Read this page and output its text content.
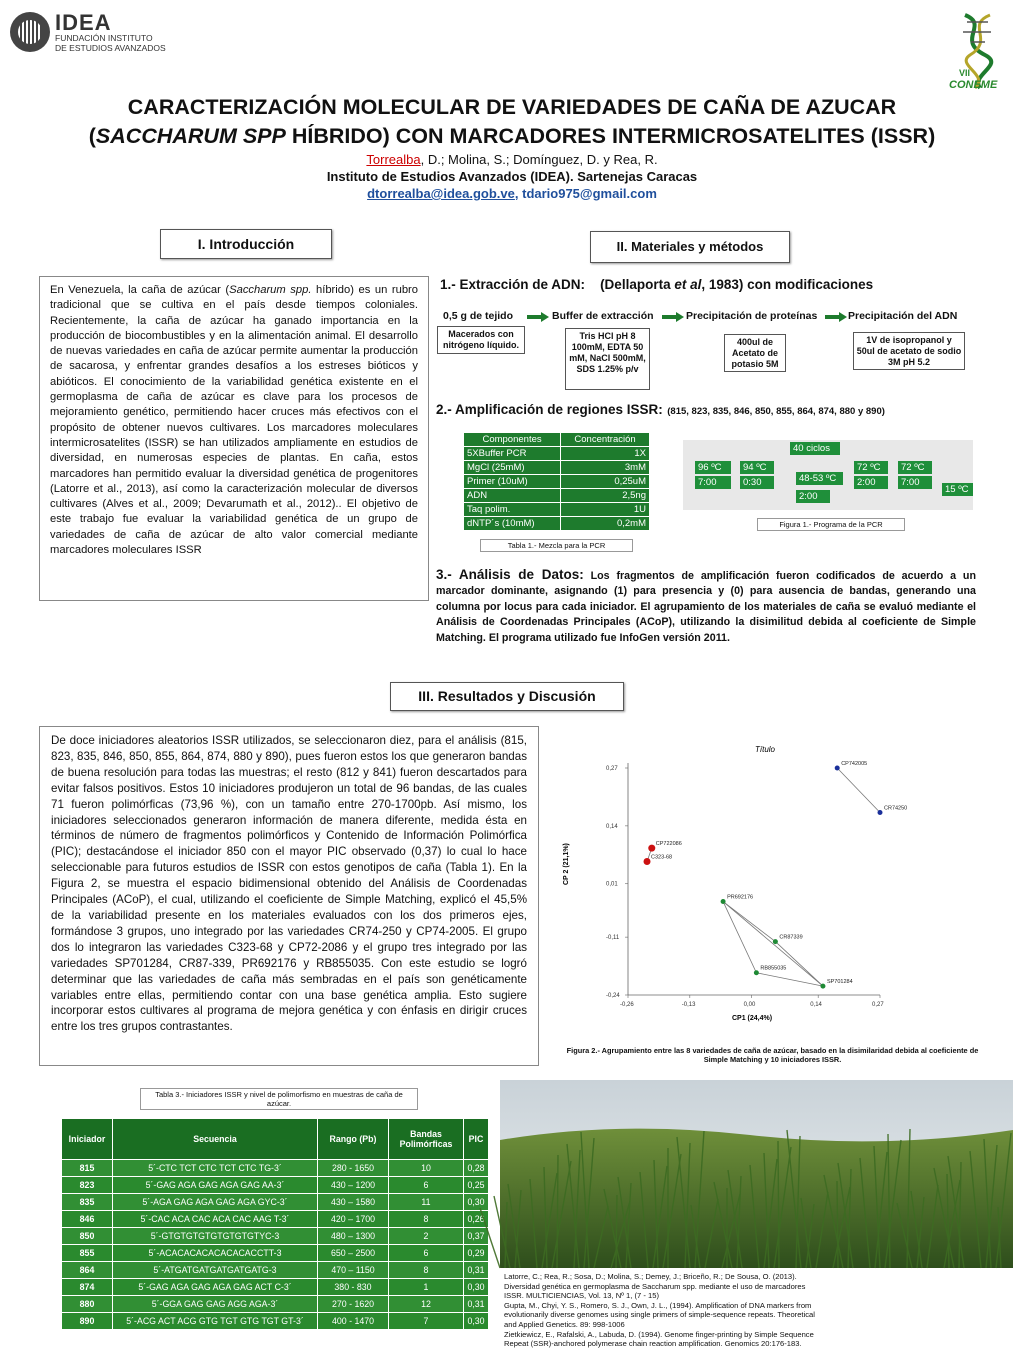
IDEA
FUNDACIÓN INSTITUTO
DE ESTUDIOS AVANZADOS
VII
CONEME
CARACTERIZACIÓN MOLECULAR DE VARIEDADES DE CAÑA DE AZUCAR
(SACCHARUM SPP HÍBRIDO) CON MARCADORES INTERMICROSATELITES (ISSR)
Torrealba, D.; Molina, S.; Domínguez, D. y Rea, R.
Instituto de Estudios Avanzados (IDEA). Sartenejas Caracas
dtorrealba@idea.gob.ve, tdario975@gmail.com
I. Introducción	II. Materiales y métodos
En Venezuela, la caña de azúcar (Saccharum spp. híbrido) es un rubro tradicional que se cultiva en el país desde tiempos coloniales. Recientemente, la caña de azúcar ha ganado importancia en la producción de biocombustibles y en la alimentación animal. El desarrollo de nuevas variedades en caña de azúcar permite aumentar la producción de sacarosa, y enfrentar grandes desafíos a los estreses bióticos y abióticos. El conocimiento de la variabilidad genética existente en el germoplasma de caña de azúcar es clave para los procesos de mejoramiento genético, permitiendo hacer cruces más efectivos con el propósito de obtener nuevos cultivares. Los marcadores moleculares intermicrosatelites (ISSR) se han utilizados ampliamente en estudios de diversidad, en numerosas especies de plantas. En caña, estos marcadores han permitido evaluar la diversidad genética de progenitores (Latorre et al., 2013), así como la caracterización molecular de diversos cultivares (Alves et al., 2009; Devarumath et al., 2012).. El objetivo de este trabajo fue evaluar la variabilidad genética de un grupo de variedades de caña de azúcar de alto valor comercial mediante marcadores moleculares ISSR
1.- Extracción de ADN: (Dellaporta et al, 1983) con modificaciones
0,5 g de tejido	Buffer de extracción	Precipitación de proteínas	Precipitación del ADN
Macerados con nitrógeno líquido.
Tris HCl pH 8 100mM, EDTA 50 mM, NaCl 500mM, SDS 1.25% p/v
400ul de Acetato de potasio 5M
1V de isopropanol y 50ul de acetato de sodio 3M pH 5.2
2.- Amplificación de regiones ISSR: (815, 823, 835, 846, 850, 855, 864, 874, 880 y 890)
Componentes	Concentración
5XBuffer PCR	1X
MgCl (25mM)	3mM
Primer (10uM)	0,25uM
ADN	2,5ng
Taq polim.	1U
dNTP´s (10mM)	0,2mM
Tabla 1.- Mezcla para la PCR
40 ciclos
96 ºC
7:00
94 ºC
0:30	48-53 ºC
2:00
72 ºC
2:00
72 ºC
7:00
15 ºC
Figura 1.- Programa de la PCR
3.- Análisis de Datos: Los fragmentos de amplificación fueron codificados de acuerdo a un marcador dominante, asignando (1) para presencia y (0) para ausencia de bandas, generando una columna por locus para cada iniciador. El agrupamiento de los materiales de caña se evaluó mediante el Análisis de Coordenadas Principales (ACoP), utilizando la disimilitud debida al coeficiente de Simple Matching. El programa utilizado fue InfoGen versión 2011.
III. Resultados y Discusión
De doce iniciadores aleatorios ISSR utilizados, se seleccionaron diez, para el análisis (815, 823, 835, 846, 850, 855, 864, 874, 880 y 890), pues fueron estos los que generaron bandas de buena resolución para todas las muestras; el resto (812 y 841) fueron descartados para evitar falsos positivos. Estos 10 iniciadores produjeron un total de 96 bandas, de las cuales 71 fueron polimórficas (73,96 %), con un tamaño entre 270-1700pb. Así mismo, los iniciadores seleccionados generaron información de manera diferente, medida ésta en términos de número de fragmentos polimórficos y Contenido de Información Polimórfica (PIC); destacándose el iniciador 850 con el mayor PIC observado (0,37) lo cual lo hace seleccionable para futuros estudios de ISSR con estos genotipos de caña (Tabla 1). En la Figura 2, se muestra el espacio bidimensional obtenido del Análisis de Coordenadas Principales (ACoP), el cual, utilizando el coeficiente de Simple Matching, explicó el 45,5% de la variabilidad presente en los materiales evaluados con los dos primeros ejes, formándose 3 grupos, uno integrado por las variedades CR74-250 y CP74-2005. El grupo dos lo integraron las variedades C323-68 y CP72-2086 y el grupo tres integrado por las variedades SP701284, CR87-339, PR692176 y RB855035. Con este estudio se logró determinar que las variedades de caña más sembradas en el país son genéticamente variables entre ellas, permitiendo contar con una base genética amplia. Esto sugiere incorporar estos cultivares al programa de mejora genética y con énfasis en dirigir cruces entre los tres grupos contrastantes.
Título
CP 2 (21,1%)
CP1 (24,4%)
0,27
0,14
0,01
-0,11
-0,24
-0,26	-0,13	0,00	0,14	0,27
CP742005
CR74250
CP722086
C323-68
PR692176
CR87339
RB855035
SP701284
Figura 2.- Agrupamiento entre las 8 variedades de caña de azúcar, basado en la disimilaridad debida al coeficiente de Simple Matching y 10 iniciadores ISSR.
Tabla 3.- Iniciadores ISSR y nivel de polimorfismo en muestras de caña de azúcar.
Iniciador	Secuencia	Rango (Pb)	Bandas Polimórficas	PIC
815	5´-CTC TCT CTC TCT CTC TG-3´	280 - 1650	10	0,28
823	5´-GAG AGA GAG AGA GAG AA-3´	430 – 1200	6	0,25
835	5´-AGA GAG AGA GAG AGA GYC-3´	430 – 1580	11	0,30
846	5´-CAC ACA CAC ACA CAC AAG T-3´	420 – 1700	8	0,26
850	5´-GTGTGTGTGTGTGTGTYC-3	480 – 1300	2	0,37
855	5´-ACACACACACACACACCTT-3	650 – 2500	6	0,29
864	5´-ATGATGATGATGATGATG-3	470 – 1150	8	0,31
874	5´-GAG AGA GAG AGA GAG ACT C-3´	380 - 830	1	0,30
880	5´-GGA GAG GAG AGG AGA-3´	270 - 1620	12	0,31
890	5´-ACG ACT ACG GTG TGT GTG TGT GT-3´	400 - 1470	7	0,30
Latorre, C.; Rea, R.; Sosa, D.; Molina, S.; Demey, J.; Briceño, R.; De Sousa, O. (2013). Diversidad genética en germoplasma de Saccharum spp. mediante el uso de marcadores ISSR. MULTICIENCIAS, Vol. 13, Nº 1, (7 - 15)
Gupta, M., Chyi, Y. S., Romero, S. J., Own, J. L., (1994). Amplification of DNA markers from evolutionarily diverse genomes using single primers of simple-sequence repeats. Theoretical and Applied Genetics. 89: 998-1006
Zietkiewicz, E., Rafalski, A., Labuda, D. (1994). Genome finger-printing by Simple Sequence Repeat (SSR)-anchored polymerase chain reaction amplification. Genomics 20:176-183.
